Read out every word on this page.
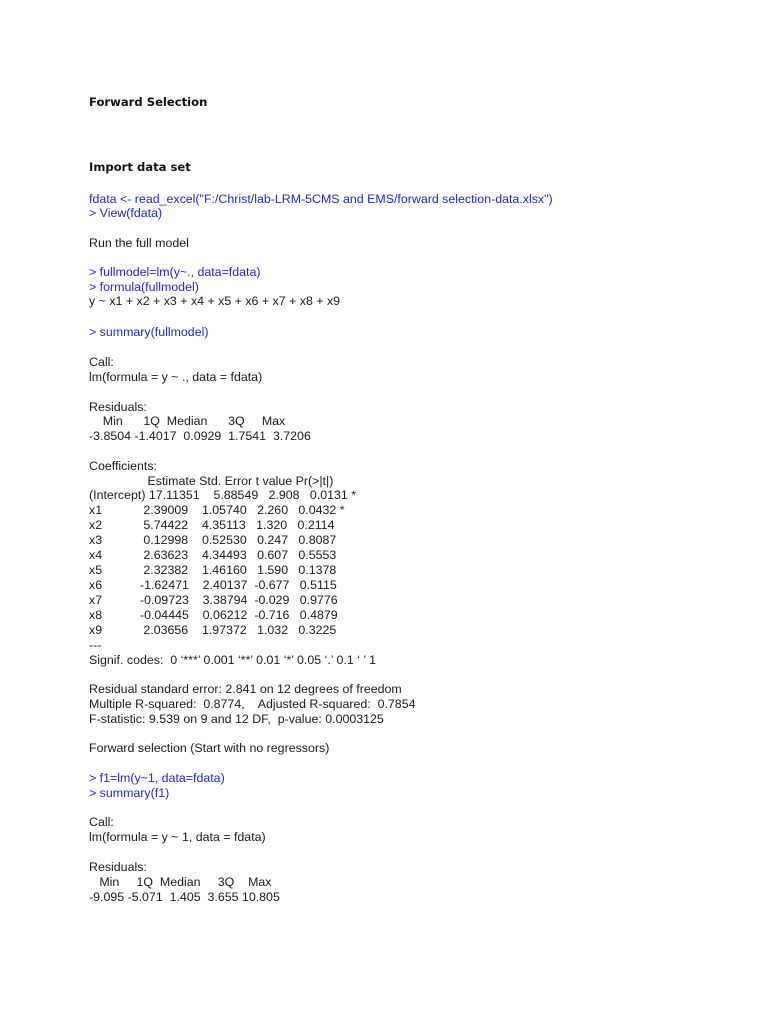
Forward Selection
Import data set
fdata <- read_excel("F:/Christ/lab-LRM-5CMS and EMS/forward selection-data.xlsx")
> View(fdata)
Run the full model
> fullmodel=lm(y~., data=fdata)
> formula(fullmodel)
y ~ x1 + x2 + x3 + x4 + x5 + x6 + x7 + x8 + x9
> summary(fullmodel)
Call:
lm(formula = y ~ ., data = fdata)
Residuals:
Min      1Q  Median      3Q     Max
-3.8504 -1.4017  0.0929  1.7541  3.7206
Coefficients:
Estimate Std. Error t value Pr(>|t|)
(Intercept) 17.11351    5.88549   2.908   0.0131 *
x1            2.39009    1.05740   2.260   0.0432 *
x2            5.74422    4.35113   1.320   0.2114
x3            0.12998    0.52530   0.247   0.8087
x4            2.63623    4.34493   0.607   0.5553
x5            2.32382    1.46160   1.590   0.1378
x6           -1.62471    2.40137  -0.677   0.5115
x7           -0.09723    3.38794  -0.029   0.9776
x8           -0.04445    0.06212  -0.716   0.4879
x9            2.03656    1.97372   1.032   0.3225
---
Signif. codes:  0 ‘***’ 0.001 ‘**’ 0.01 ‘*’ 0.05 ‘.’ 0.1 ‘ ’ 1
Residual standard error: 2.841 on 12 degrees of freedom
Multiple R-squared:  0.8774,    Adjusted R-squared:  0.7854
F-statistic: 9.539 on 9 and 12 DF,  p-value: 0.0003125
Forward selection (Start with no regressors)
> f1=lm(y~1, data=fdata)
> summary(f1)
Call:
lm(formula = y ~ 1, data = fdata)
Residuals:
Min     1Q  Median     3Q    Max
-9.095 -5.071  1.405  3.655 10.805
